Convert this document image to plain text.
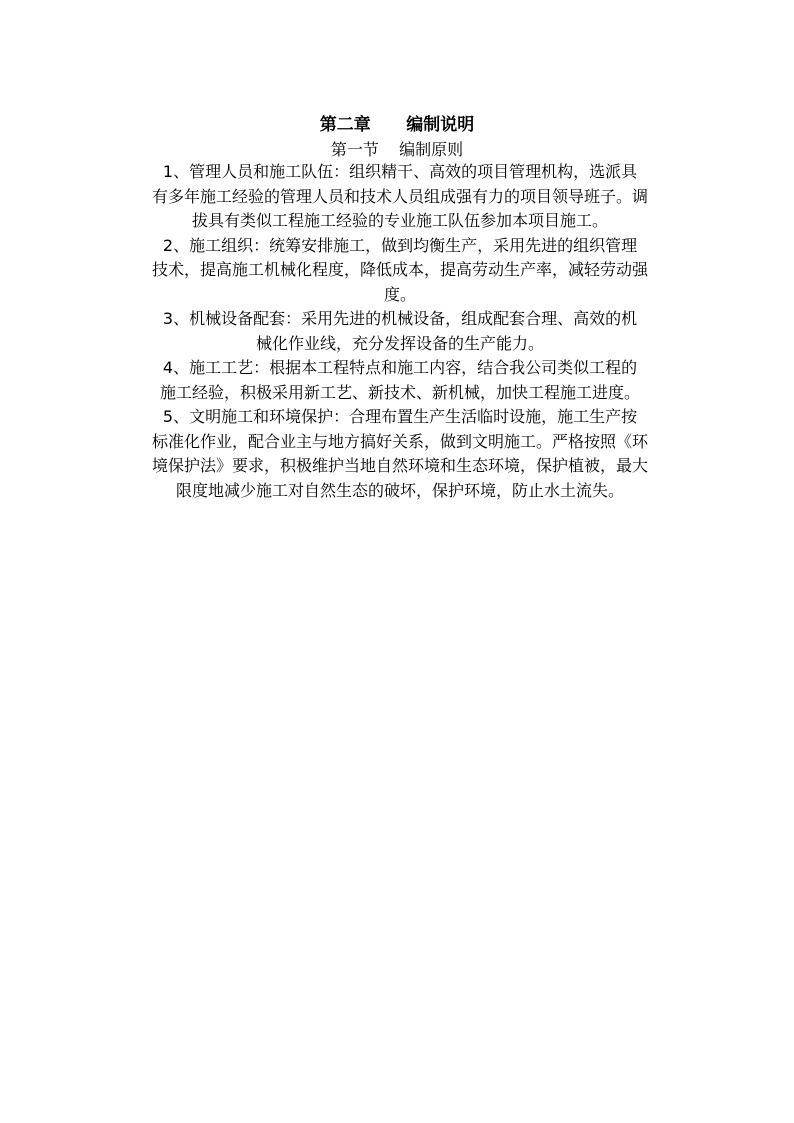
第二章      编制说明
第一节    编制原则

1、管理人员和施工队伍：组织精干、高效的项目管理机构，选派具
有多年施工经验的管理人员和技术人员组成强有力的项目领导班子。调
拔具有类似工程施工经验的专业施工队伍参加本项目施工。

2、施工组织：统筹安排施工，做到均衡生产，采用先进的组织管理
技术，提高施工机械化程度，降低成本，提高劳动生产率，减轻劳动强
度。

3、机械设备配套：采用先进的机械设备，组成配套合理、高效的机
械化作业线，充分发挥设备的生产能力。

4、施工工艺：根据本工程特点和施工内容，结合我公司类似工程的
施工经验，积极采用新工艺、新技术、新机械，加快工程施工进度。

5、文明施工和环境保护：合理布置生产生活临时设施，施工生产按
标准化作业，配合业主与地方搞好关系，做到文明施工。严格按照《环
境保护法》要求，积极维护当地自然环境和生态环境，保护植被，最大
限度地减少施工对自然生态的破坏，保护环境，防止水土流失。
